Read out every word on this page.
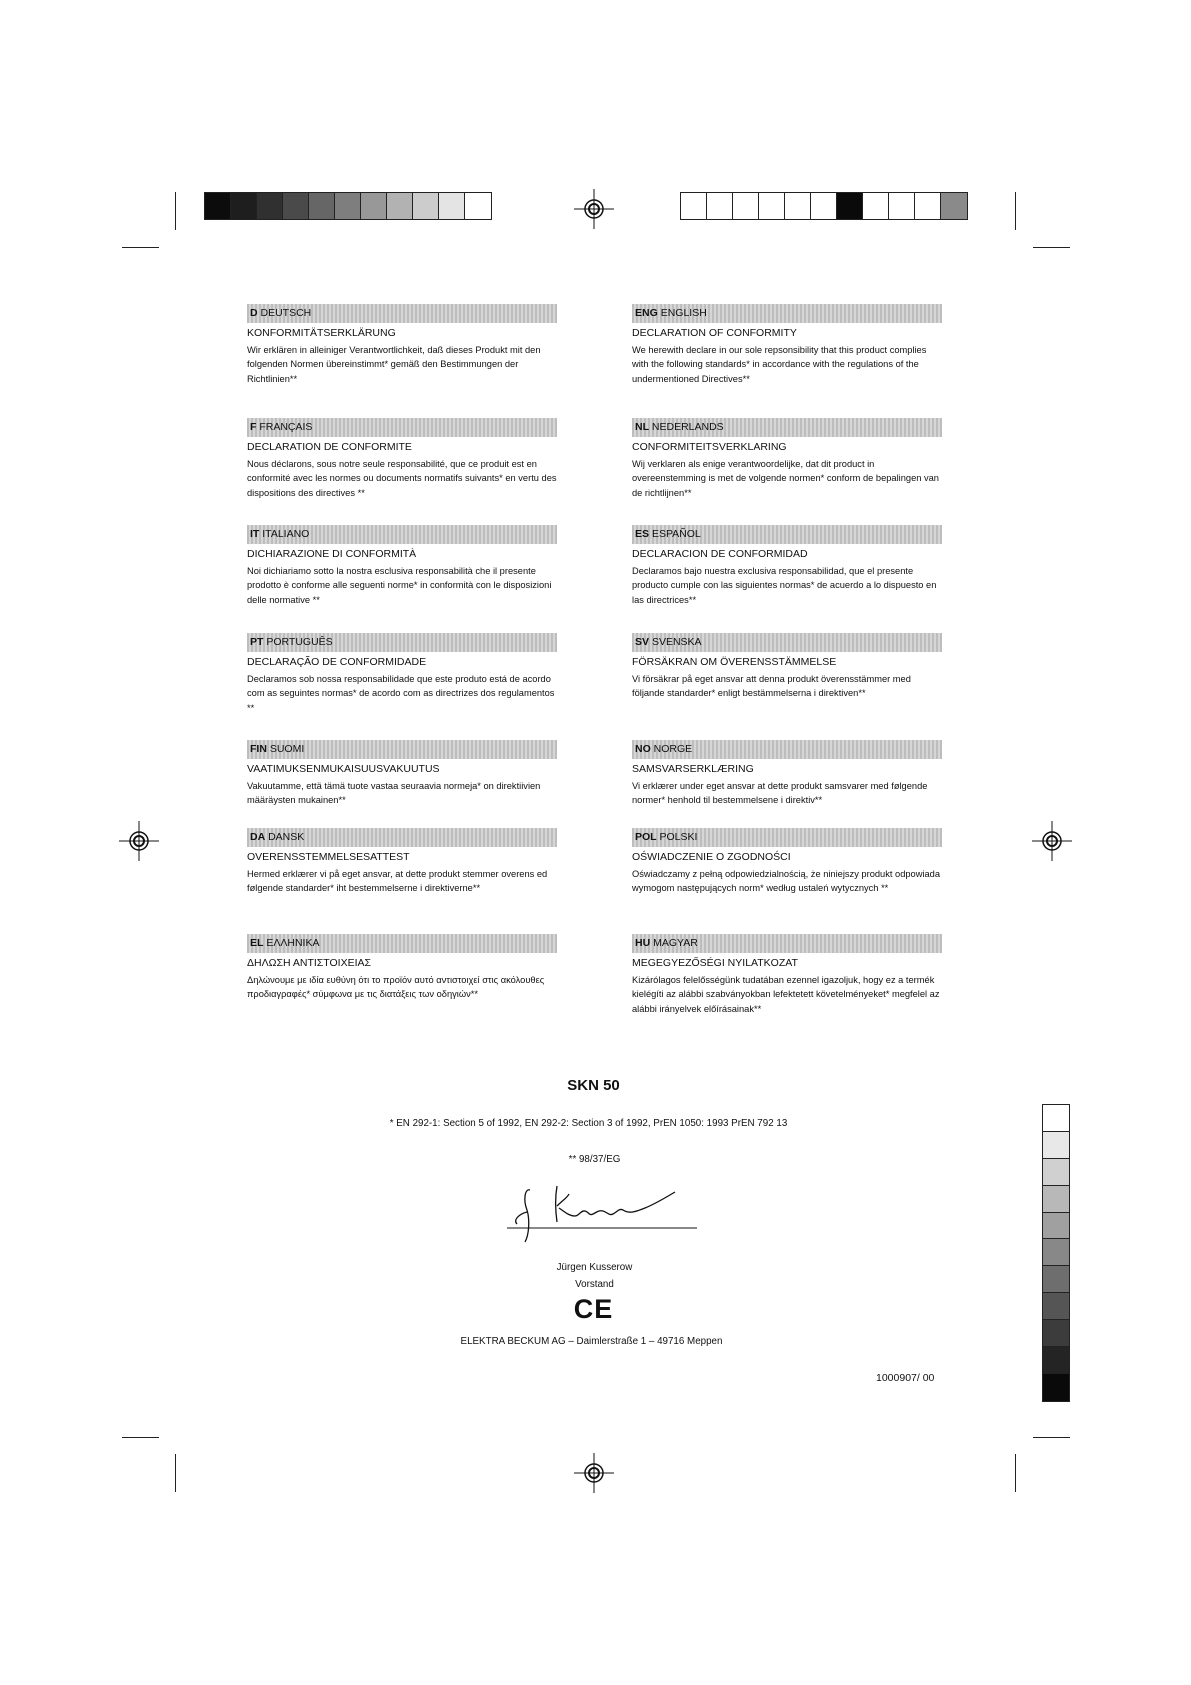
D DEUTSCH
KONFORMITÄTSERKLÄRUNG
Wir erklären in alleiniger Verantwortlichkeit, daß dieses Produkt mit den folgenden Normen übereinstimmt* gemäß den Bestimmungen der Richtlinien**
ENG ENGLISH
DECLARATION OF CONFORMITY
We herewith declare in our sole repsonsibility that this product complies with the following standards* in accordance with the regulations of the undermentioned Directives**
F FRANÇAIS
DECLARATION DE CONFORMITE
Nous déclarons, sous notre seule responsabilité, que ce produit est en conformité avec les normes ou documents normatifs suivants* en vertu des dispositions des directives **
NL NEDERLANDS
CONFORMITEITSVERKLARING
Wij verklaren als enige verantwoordelijke, dat dit product in overeenstemming is met de volgende normen* conform de bepalingen van de richtlijnen**
IT ITALIANO
DICHIARAZIONE DI CONFORMITÀ
Noi dichiariamo sotto la nostra esclusiva responsabilità che il presente prodotto è conforme alle seguenti norme* in conformità con le disposizioni delle normative **
ES ESPAÑOL
DECLARACION DE CONFORMIDAD
Declaramos bajo nuestra exclusiva responsabilidad, que el presente producto cumple con las siguientes normas* de acuerdo a lo dispuesto en las directrices**
PT PORTUGUÊS
DECLARAÇÃO DE CONFORMIDADE
Declaramos sob nossa responsabilidade que este produto está de acordo com as seguintes normas* de acordo com as directrizes dos regulamentos **
SV SVENSKA
FÖRSÄKRAN OM ÖVERENSSTÄMMELSE
Vi försäkrar på eget ansvar att denna produkt överensstämmer med följande standarder* enligt bestämmelserna i direktiven**
FIN SUOMI
VAATIMUKSENMUKAISUUSVAKUUTUS
Vakuutamme, että tämä tuote vastaa seuraavia normeja* on direktiivien määräysten mukainen**
NO NORGE
SAMSVARSERKLÆRING
Vi erklærer under eget ansvar at dette produkt samsvarer med følgende normer* henhold til bestemmelsene i direktiv**
DA DANSK
OVERENSSTEMMELSESATTEST
Hermed erklærer vi på eget ansvar, at dette produkt stemmer overens ed følgende standarder* iht bestemmelserne i direktiverne**
POL POLSKI
OŚWIADCZENIE O ZGODNOŚCI
Oświadczamy z pełną odpowiedzialnością, że niniejszy produkt odpowiada wymogom następujących norm* według ustaleń wytycznych **
EL ΕΛΛΗΝΙΚΑ
ΔΗΛΩΣΗ ΑΝΤΙΣΤΟΙΧΕΙΑΣ
Δηλώνουμε με ιδία ευθύνη ότι το προϊόν αυτό αντιστοιχεί στις ακόλουθες προδιαγραφές* σύμφωνα με τις διατάξεις των οδηγιών**
HU MAGYAR
MEGEGYEZŐSÉGI NYILATKOZAT
Kizárólagos felelősségünk tudatában ezennel igazoljuk, hogy ez a termék kielégíti az alábbi szabványokban lefektetett követelményeket* megfelel az alábbi irányelvek előírásainak**
SKN 50
* EN 292-1: Section 5 of 1992, EN 292-2: Section 3 of 1992, PrEN 1050: 1993 PrEN 792 13
** 98/37/EG
Jürgen Kusserow
Vorstand
CE
ELEKTRA BECKUM AG – Daimlerstraße 1 – 49716 Meppen
1000907/ 00
